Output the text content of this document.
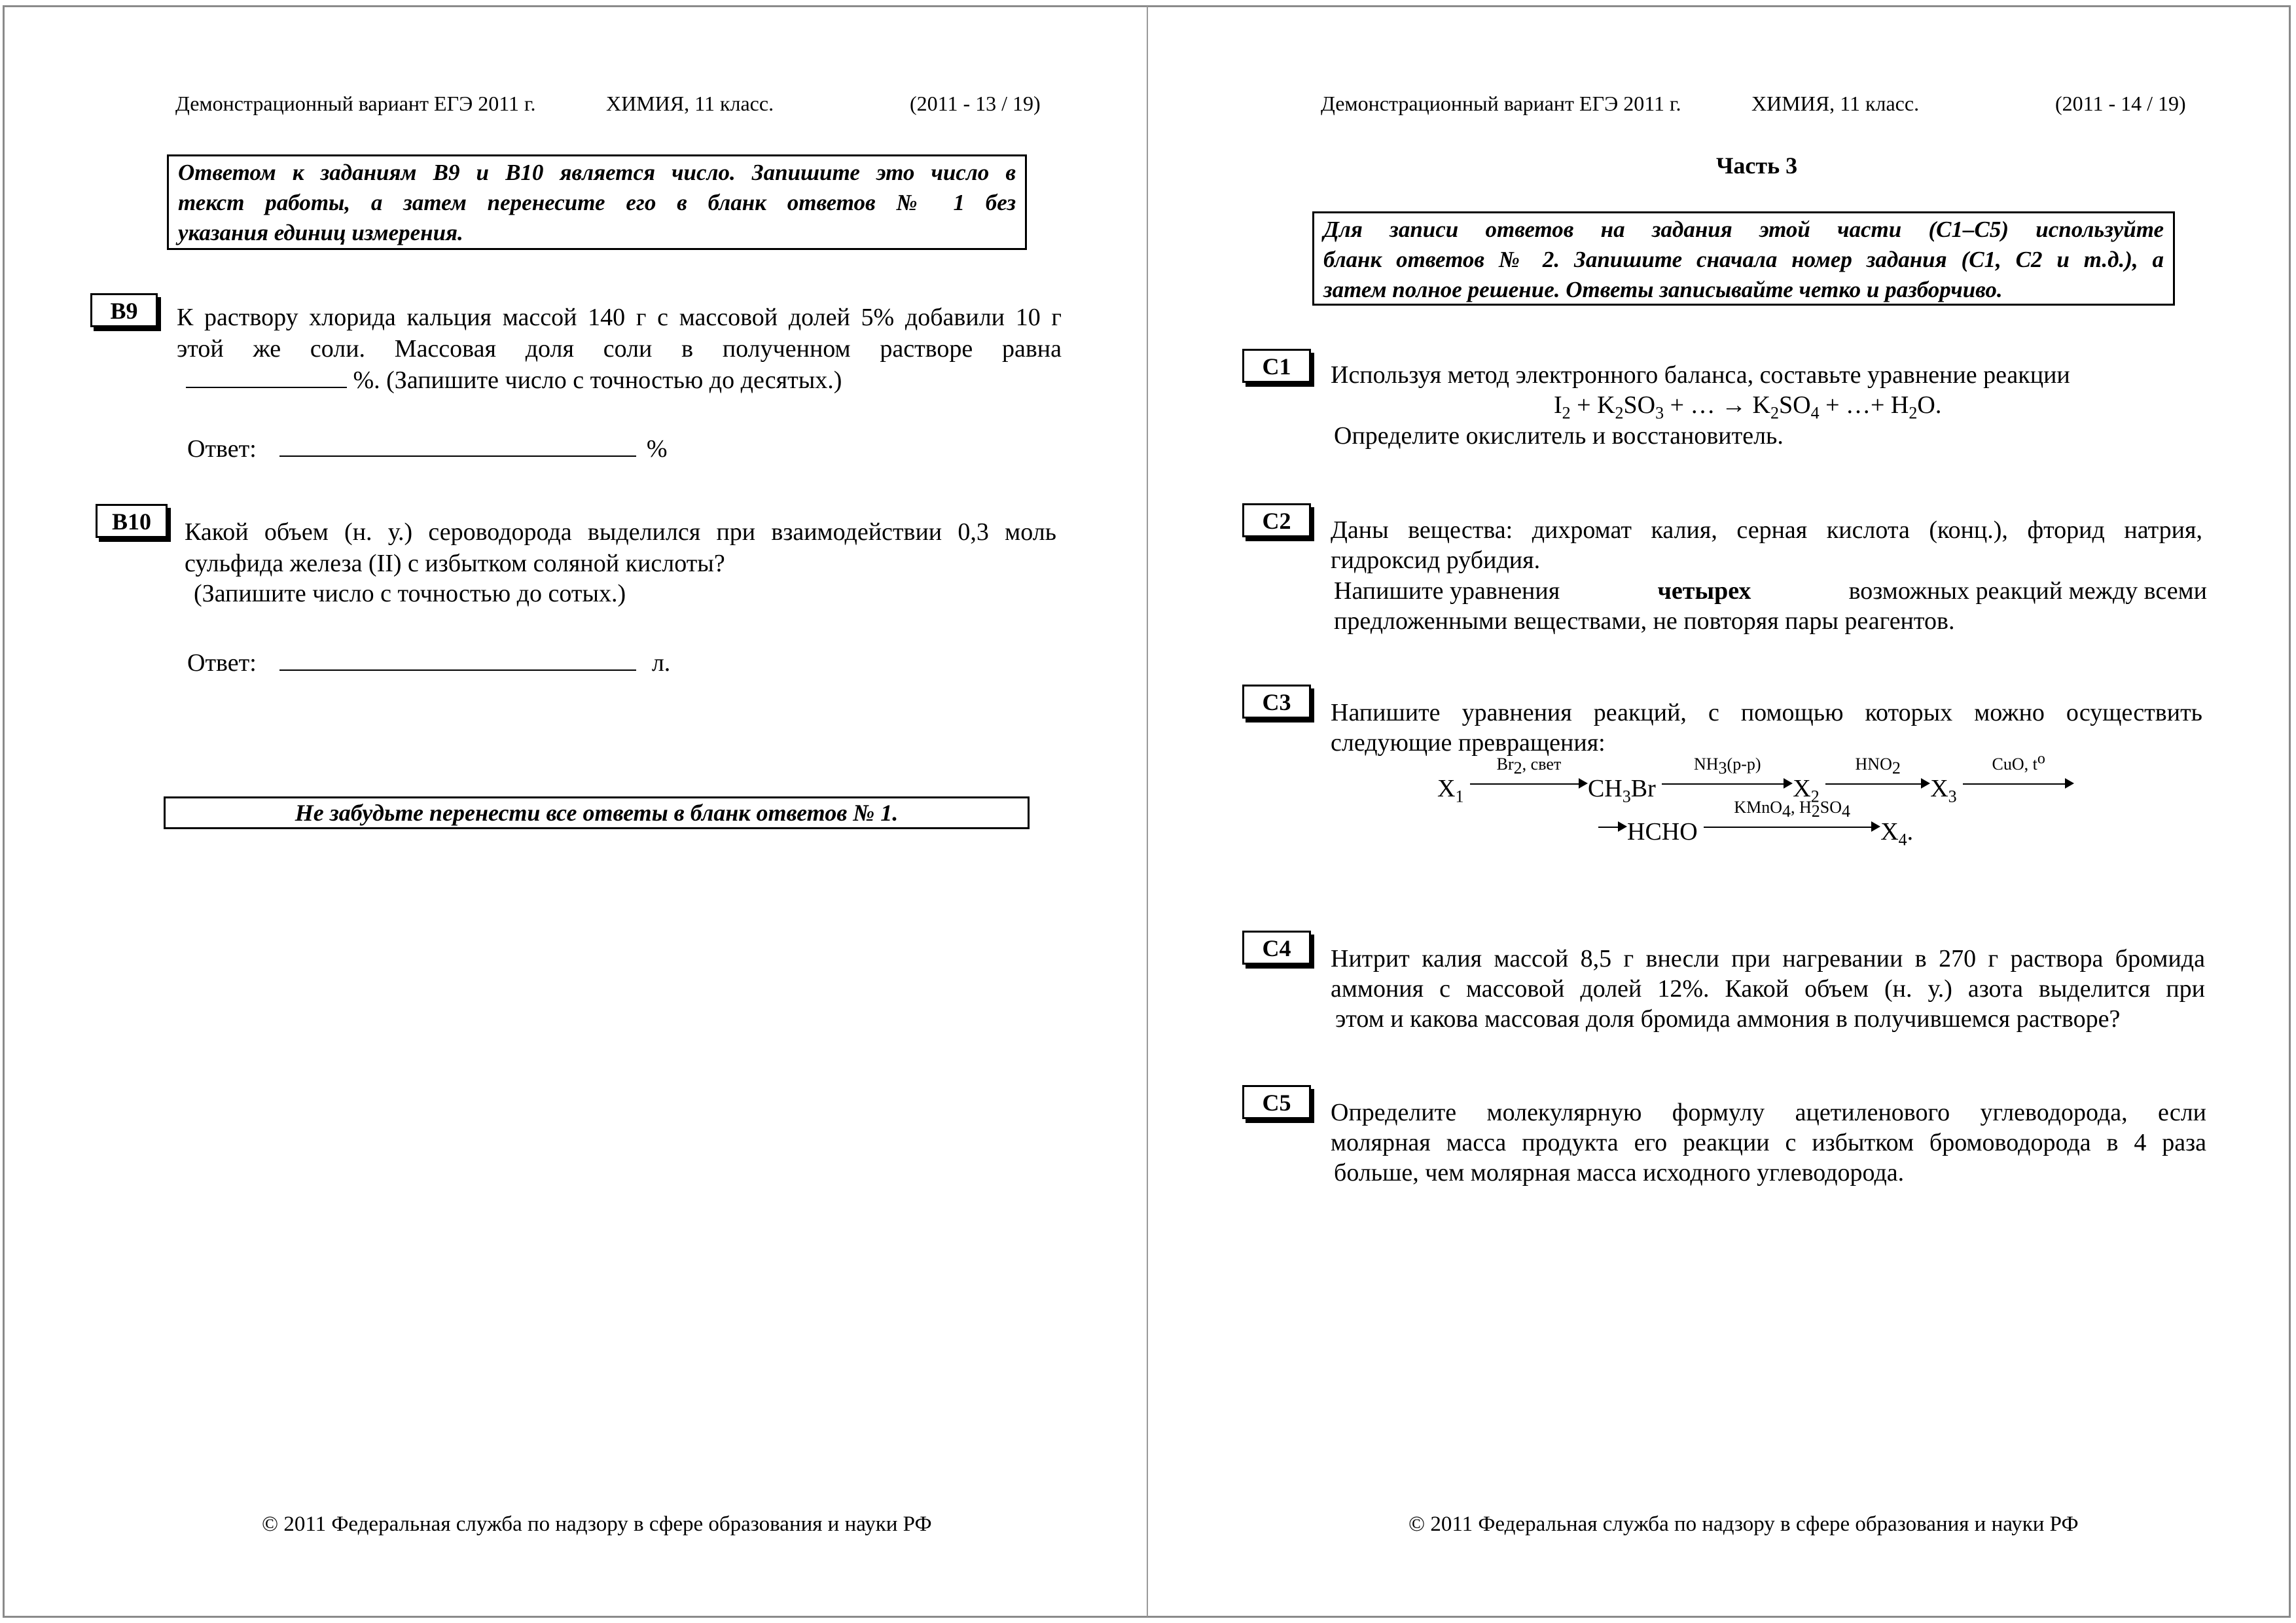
Демонстрационный вариант ЕГЭ 2011 г.	ХИМИЯ, 11 класс.	(2011 - 13 / 19)
Ответом к заданиям B9 и B10 является число. Запишите это число в
текст работы, а затем перенесите его в бланк ответов № 1 без
указания единиц измерения.
B9	К раствору хлорида кальция массой 140 г с массовой долей 5% добавили 10 г
этой же соли. Массовая доля соли в полученном растворе равна
%. (Запишите число с точностью до десятых.)
Ответ:	%
B10	Какой объем (н. у.) сероводорода выделился при взаимодействии 0,3 моль
сульфида железа (II) с избытком соляной кислоты?
(Запишите число с точностью до сотых.)
Ответ:	л.
Не забудьте перенести все ответы в бланк ответов № 1.
© 2011 Федеральная служба по надзору в сфере образования и науки РФ
Демонстрационный вариант ЕГЭ 2011 г.	ХИМИЯ, 11 класс.	(2011 - 14 / 19)
Часть 3
Для записи ответов на задания этой части (С1–С5) используйте
бланк ответов № 2. Запишите сначала номер задания (С1, С2 и т.д.), а
затем полное решение. Ответы записывайте четко и разборчиво.
C1	Используя метод электронного баланса, составьте уравнение реакции
$I_2 + K_2SO_3$ + … → $K_2SO_4$ + …+ $H_2O$.
Определите окислитель и восстановитель.
C2	Даны вещества: дихромат калия, серная кислота (конц.), фторид натрия,
гидроксид рубидия.
Напишите уравнения	четырех	возможных реакций между всеми
предложенными веществами, не повторяя пары реагентов.
C3	Напишите уравнения реакций, с помощью которых можно осуществить
следующие превращения:
$X_1$
$Br_2$, свет
$CH_3Br$
$NH_3(р-р)$
$X_2$
$HNO_2$
$X_3$
CuO, $t^o$
HCHO
KMnO$_4$, $H_2SO_4$
$X_4$.
C4	Нитрит калия массой 8,5 г внесли при нагревании в 270 г раствора бромида
аммония с массовой долей 12%. Какой объем (н. у.) азота выделится при
этом и какова массовая доля бромида аммония в получившемся растворе?
C5	Определите молекулярную формулу ацетиленового углеводорода, если
молярная масса продукта его реакции с избытком бромоводорода в 4 раза
больше, чем молярная масса исходного углеводорода.
© 2011 Федеральная служба по надзору в сфере образования и науки РФ
